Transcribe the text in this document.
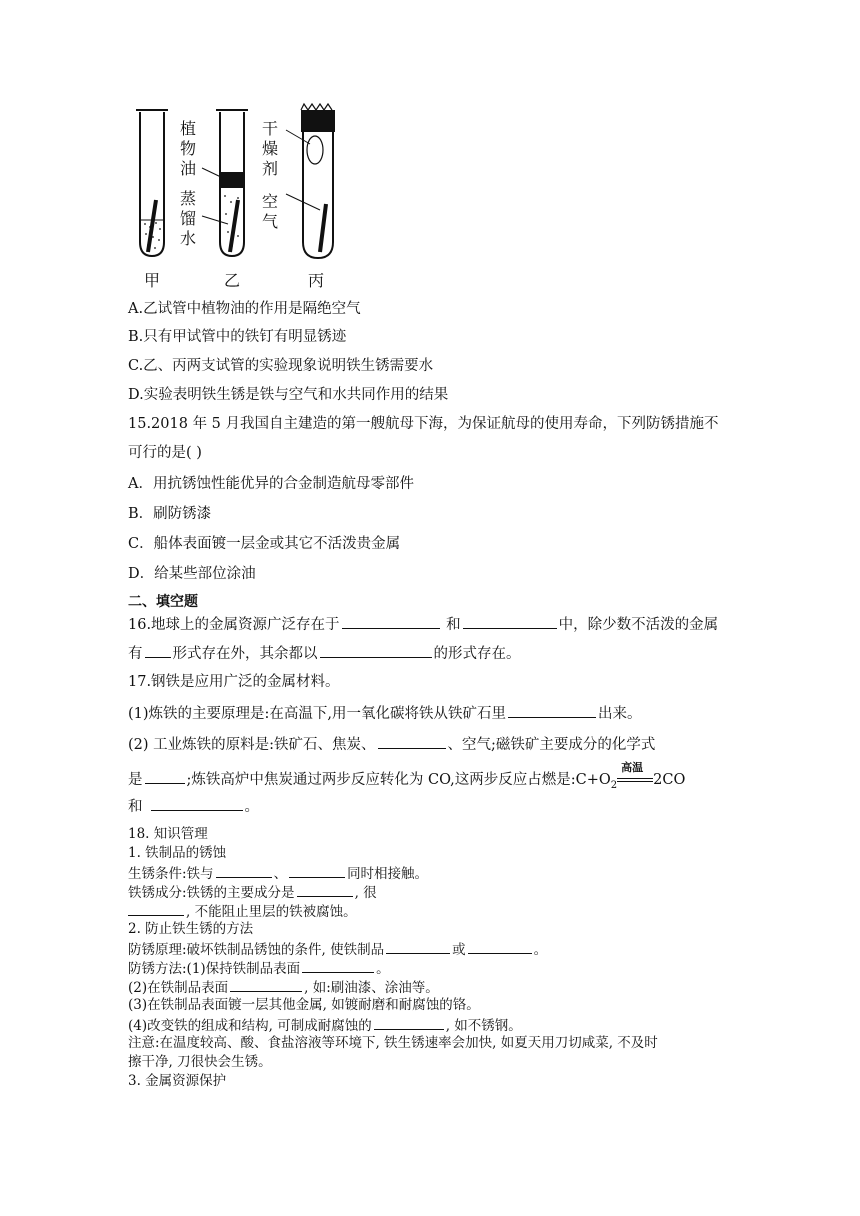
植
物
油
蒸
馏
水
干
燥
剂
空
气
甲	乙	丙
A.乙试管中植物油的作用是隔绝空气
B.只有甲试管中的铁钉有明显锈迹
C.乙、丙两支试管的实验现象说明铁生锈需要水
D.实验表明铁生锈是铁与空气和水共同作用的结果
15.2018 年 5 月我国自主建造的第一艘航母下海，为保证航母的使用寿命，下列防锈措施不
可行的是( )
A．用抗锈蚀性能优异的合金制造航母零部件
B．刷防锈漆
C．船体表面镀一层金或其它不活泼贵金属
D．给某些部位涂油
二、填空题
16.地球上的金属资源广泛存在于	和	中，除少数不活泼的金属
有 形式存在外，其余都以	的形式存在。
17.钢铁是应用广泛的金属材料。
(1)炼铁的主要原理是:在高温下,用一氧化碳将铁从铁矿石里	出来。
(2) 工业炼铁的原料是:铁矿石、焦炭、	、空气;磁铁矿主要成分的化学式
是	;炼铁高炉中焦炭通过两步反应转化为 CO,这两步反应占燃是$:C+O_2$
高温
2CO
和	。
18. 知识管理
1. 铁制品的锈蚀
生锈条件:铁与	、	同时相接触。
铁锈成分:铁锈的主要成分是	, 很
, 不能阻止里层的铁被腐蚀。
2. 防止铁生锈的方法
防锈原理:破坏铁制品锈蚀的条件, 使铁制品	或	。
防锈方法:(1)保持铁制品表面	。
(2)在铁制品表面	, 如:刷油漆、涂油等。
(3)在铁制品表面镀一层其他金属, 如镀耐磨和耐腐蚀的铬。
(4)改变铁的组成和结构, 可制成耐腐蚀的	, 如不锈钢。
注意:在温度较高、酸、食盐溶液等环境下, 铁生锈速率会加快, 如夏天用刀切咸菜, 不及时
擦干净, 刀很快会生锈。
3. 金属资源保护
